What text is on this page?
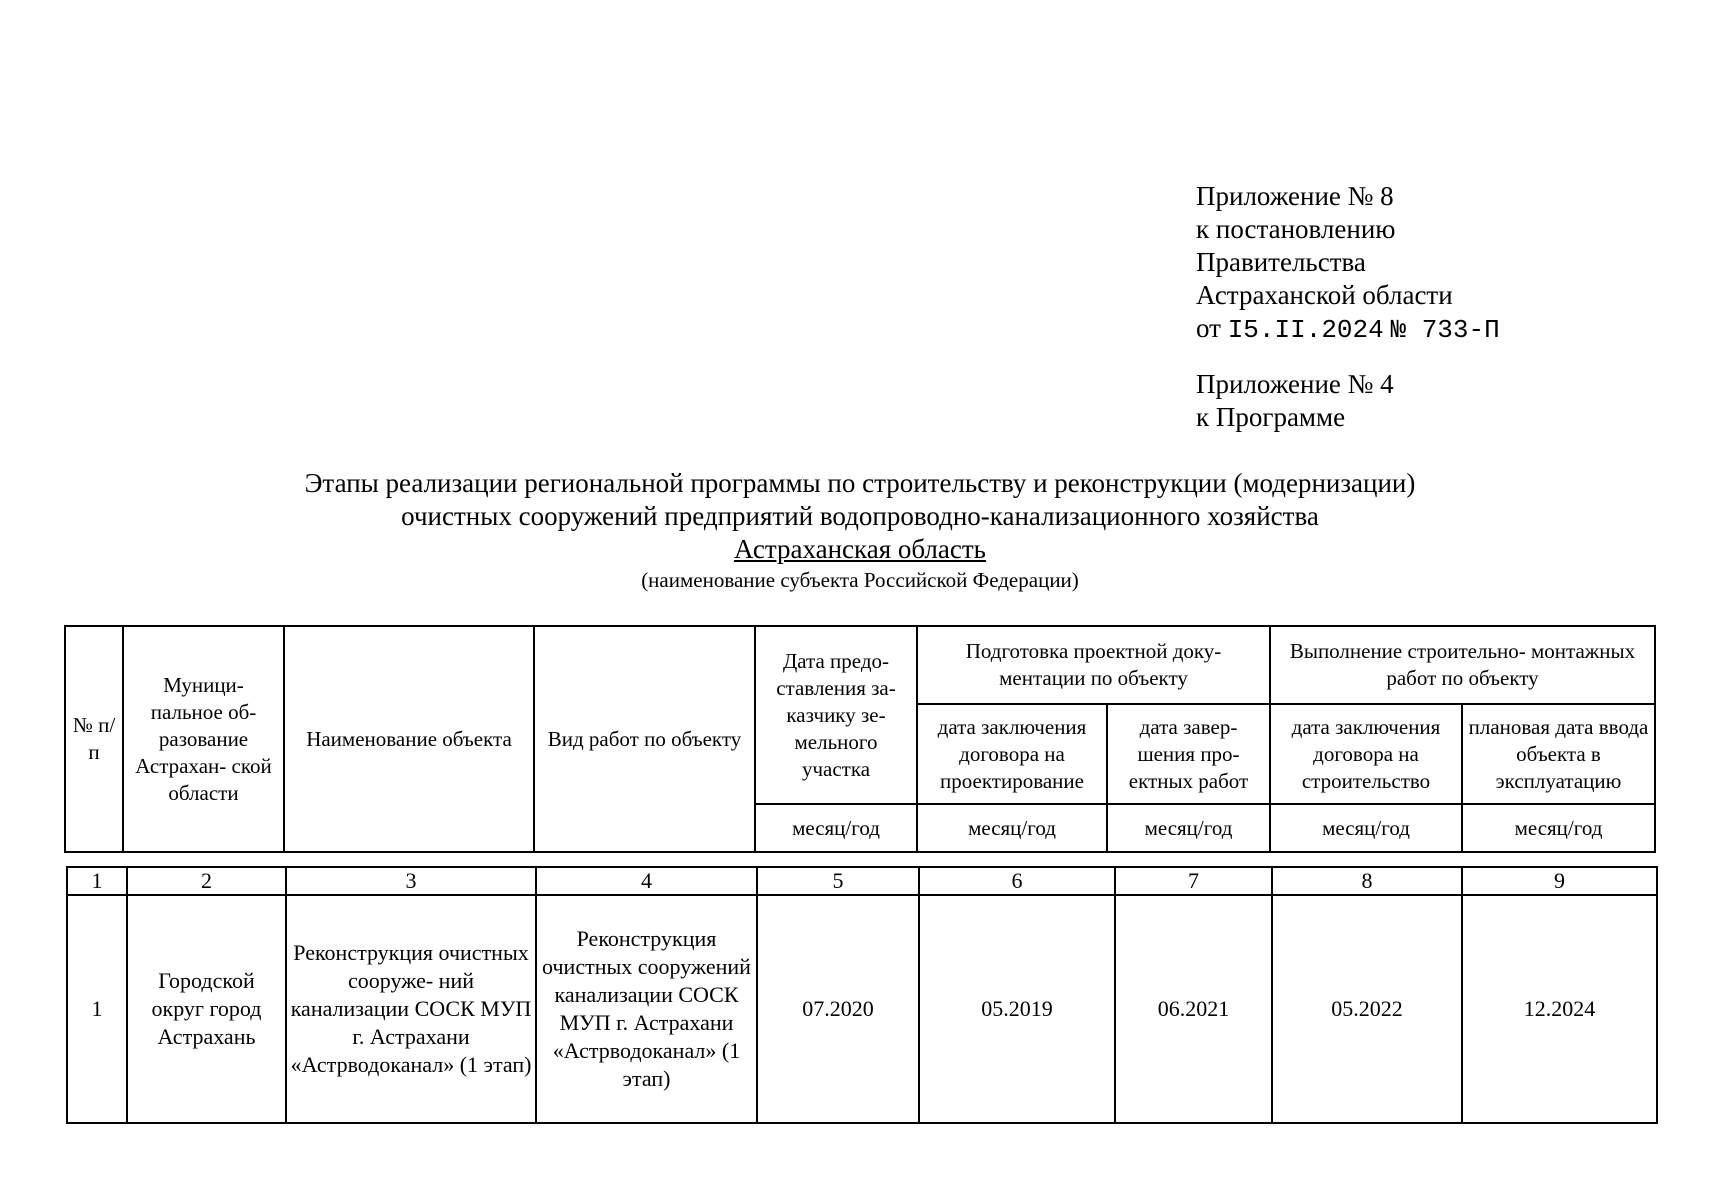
Приложение № 8
к постановлению
Правительства
Астраханской области
от I5.II.2024 № 733-П
Приложение № 4
к Программе
Этапы реализации региональной программы по строительству и реконструкции (модернизации)
очистных сооружений предприятий водопроводно-канализационного хозяйства
Астраханская область
(наименование субъекта Российской Федерации)
№ п/п	Муници- пальное об- разование Астрахан- ской области	Наименование объекта	Вид работ по объекту	Дата предо- ставления за- казчику зе- мельного участка	Подготовка проектной доку- ментации по объекту		Выполнение строительно- монтажных работ по объекту	
					дата заключения договора на проектирование	дата завер- шения про- ектных работ	дата заключения договора на строительство	плановая дата ввода объекта в эксплуатацию
				месяц/год	месяц/год	месяц/год	месяц/год	месяц/год
1	2	3	4	5	6	7	8	9
1	Городской округ город Астрахань	Реконструкция очистных сооруже- ний канализации СОСК МУП г. Астрахани «Астрводоканал» (1 этап)	Реконструкция очистных сооружений канализации СОСК МУП г. Астрахани «Астрводоканал» (1 этап)	07.2020	05.2019	06.2021	05.2022	12.2024
